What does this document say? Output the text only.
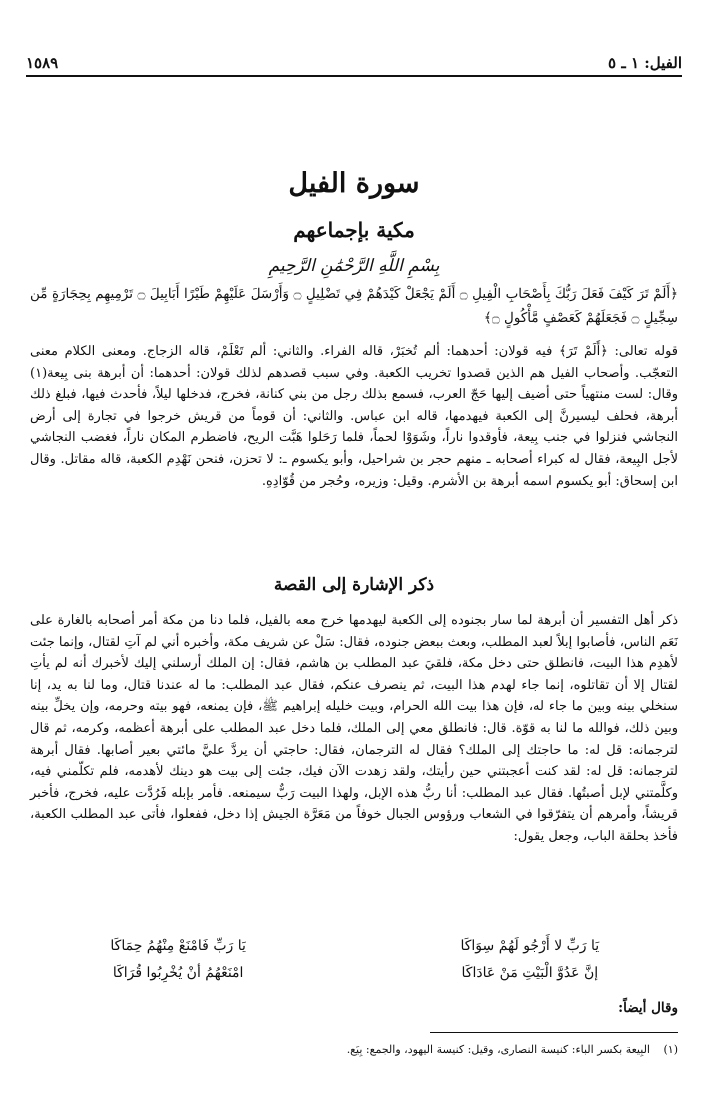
١٥٨٩	الفيل: ١ ـ ٥
سورة الفيل
مكية بإجماعهم
بِسْمِ اللَّهِ الرَّحْمَٰنِ الرَّحِيمِ
﴿أَلَمْ تَرَ كَيْفَ فَعَلَ رَبُّكَ بِأَصْحَابِ الْفِيلِ ۝ أَلَمْ يَجْعَلْ كَيْدَهُمْ فِي تَضْلِيلٍ ۝ وَأَرْسَلَ عَلَيْهِمْ طَيْرًا أَبَابِيلَ ۝ تَرْمِيهِم بِحِجَارَةٍ مِّن سِجِّيلٍ ۝ فَجَعَلَهُمْ كَعَصْفٍ مَّأْكُولٍ ۝﴾
قوله تعالى: ﴿أَلَمْ تَرَ﴾ فيه قولان: أحدهما: ألم تُخبَرْ، قاله الفراء. والثاني: ألم تَعْلَمْ، قاله الزجاج. ومعنى الكلام معنى التعجّب. وأصحاب الفيل هم الذين قصدوا تخريب الكعبة. وفي سبب قصدهم لذلك قولان: أحدهما: أن أبرهة بنى بِيعة(١) وقال: لست منتهياً حتى أضيف إليها حَجّ العرب، فسمع بذلك رجل من بني كنانة، فخرج، فدخلها ليلاً، فأحدث فيها، فبلغ ذلك أبرهة، فحلف ليسيرنَّ إلى الكعبة فيهدمها، قاله ابن عباس. والثاني: أن قوماً من قريش خرجوا في تجارة إلى أرض النجاشي فنزلوا في جنب بِيعة، فأوقدوا ناراً، وشَوَوْا لحماً، فلما رَحَلوا هَبَّت الريح، فاضطرم المكان ناراً، فغضب النجاشي لأجل البِيعة، فقال له كبراء أصحابه ـ منهم حجر بن شراحيل، وأبو يكسوم ـ: لا تحزن، فنحن نَهْدِم الكعبة، قاله مقاتل. وقال ابن إسحاق: أبو يكسوم اسمه أبرهة بن الأشرم. وقيل: وزيره، وحُجر من قُوّادِهِ.
ذكر الإشارة إلى القصة
ذكر أهل التفسير أن أبرهة لما سار بجنوده إلى الكعبة ليهدمها خرج معه بالفيل، فلما دنا من مكة أمر أصحابه بالغارة على نَعَم الناس، فأصابوا إبلاً لعبد المطلب، وبعث ببعض جنوده، فقال: سَلْ عن شريف مكة، وأخبره أني لم آتِ لقتال، وإنما جئت لأهدِم هذا البيت، فانطلق حتى دخل مكة، فلقيَ عبد المطلب بن هاشم، فقال: إن الملك أرسلني إليك لأخبرك أنه لم يأتِ لقتال إلا أن تقاتلوه، إنما جاء لهدم هذا البيت، ثم ينصرف عنكم، فقال عبد المطلب: ما له عندنا قتال، وما لنا به يد، إنا سنخلي بينه وبين ما جاء له، فإن هذا بيت الله الحرام، وبيت خليله إبراهيم ﷺ، فإن يمنعه، فهو بيته وحرمه، وإن يخلِّ بينه وبين ذلك، فوالله ما لنا به قوّة. قال: فانطلق معي إلى الملك، فلما دخل عبد المطلب على أبرهة أعظمه، وكرمه، ثم قال لترجمانه: قل له: ما حاجتك إلى الملك؟ فقال له الترجمان، فقال: حاجتي أن يردَّ عليَّ مائتي بعير أصابها. فقال أبرهة لترجمانه: قل له: لقد كنت أعجبتني حين رأيتك، ولقد زهدت الآن فيك، جئت إلى بيت هو دينك لأهدمه، فلم تكلّمني فيه، وكلَّمتني لإبل أصبتُها. فقال عبد المطلب: أنا ربُّ هذه الإبل، ولهذا البيت رَبٌّ سيمنعه. فأمر بإبله فَرُدَّت عليه، فخرج، فأخبر قريشاً، وأمرهم أن يتفرّقوا في الشعاب ورؤوس الجبال خوفاً من مَعَرَّة الجيش إذا دخل، ففعلوا، فأتى عبد المطلب الكعبة، فأخذ بحلقة الباب، وجعل يقول:
يَا رَبِّ لا أَرْجُو لَهُمْ سِوَاكَا
يَا رَبِّ فَامْنَعْ مِنْهُمُ حِمَاكَا
إنَّ عَدُوَّ الْبَيْتِ مَنْ عَادَاكَا
امْنَعْهُمُ أنْ يُخْرِبُوا قُرَاكَا
وقال أيضاً:
(١) البِيعة بكسر الباء: كنيسة النصارى، وقيل: كنيسة اليهود، والجمع: بِيَع.
